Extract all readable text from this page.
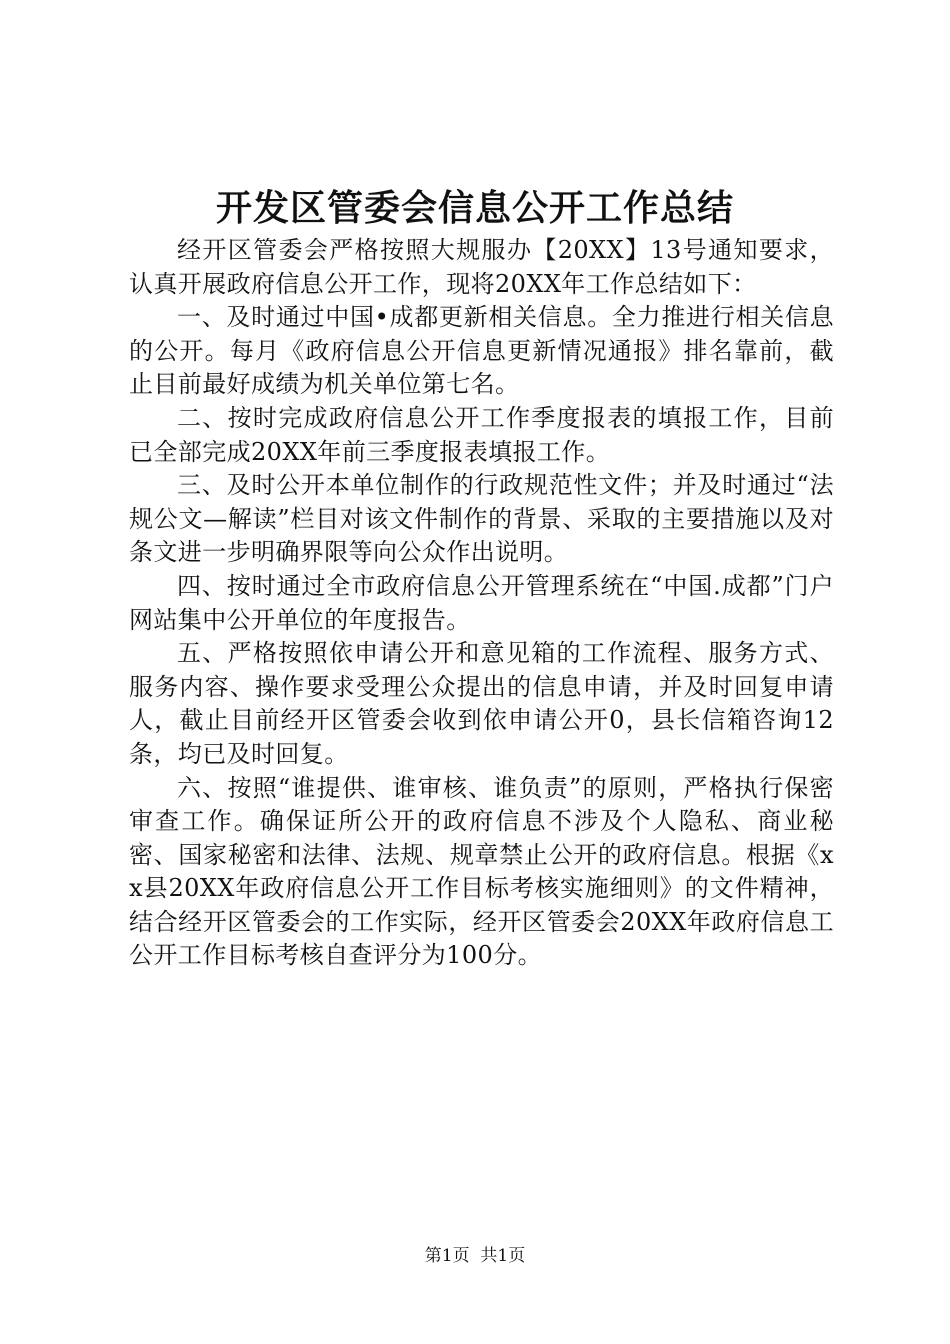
开发区管委会信息公开工作总结

经开区管委会严格按照大规服办【20XX】13号通知要求，认真开展政府信息公开工作，现将20XX年工作总结如下：

一、及时通过中国•成都更新相关信息。全力推进行相关信息的公开。每月《政府信息公开信息更新情况通报》排名靠前，截止目前最好成绩为机关单位第七名。

二、按时完成政府信息公开工作季度报表的填报工作，目前已全部完成20XX年前三季度报表填报工作。

三、及时公开本单位制作的行政规范性文件；并及时通过“法规公文—解读”栏目对该文件制作的背景、采取的主要措施以及对条文进一步明确界限等向公众作出说明。

四、按时通过全市政府信息公开管理系统在“中国.成都”门户网站集中公开单位的年度报告。

五、严格按照依申请公开和意见箱的工作流程、服务方式、服务内容、操作要求受理公众提出的信息申请，并及时回复申请人，截止目前经开区管委会收到依申请公开0，县长信箱咨询12条，均已及时回复。

六、按照“谁提供、谁审核、谁负责”的原则，严格执行保密审查工作。确保证所公开的政府信息不涉及个人隐私、商业秘密、国家秘密和法律、法规、规章禁止公开的政府信息。根据《xx县20XX年政府信息公开工作目标考核实施细则》的文件精神，结合经开区管委会的工作实际，经开区管委会20XX年政府信息工公开工作目标考核自查评分为100分。

第1页 共1页
